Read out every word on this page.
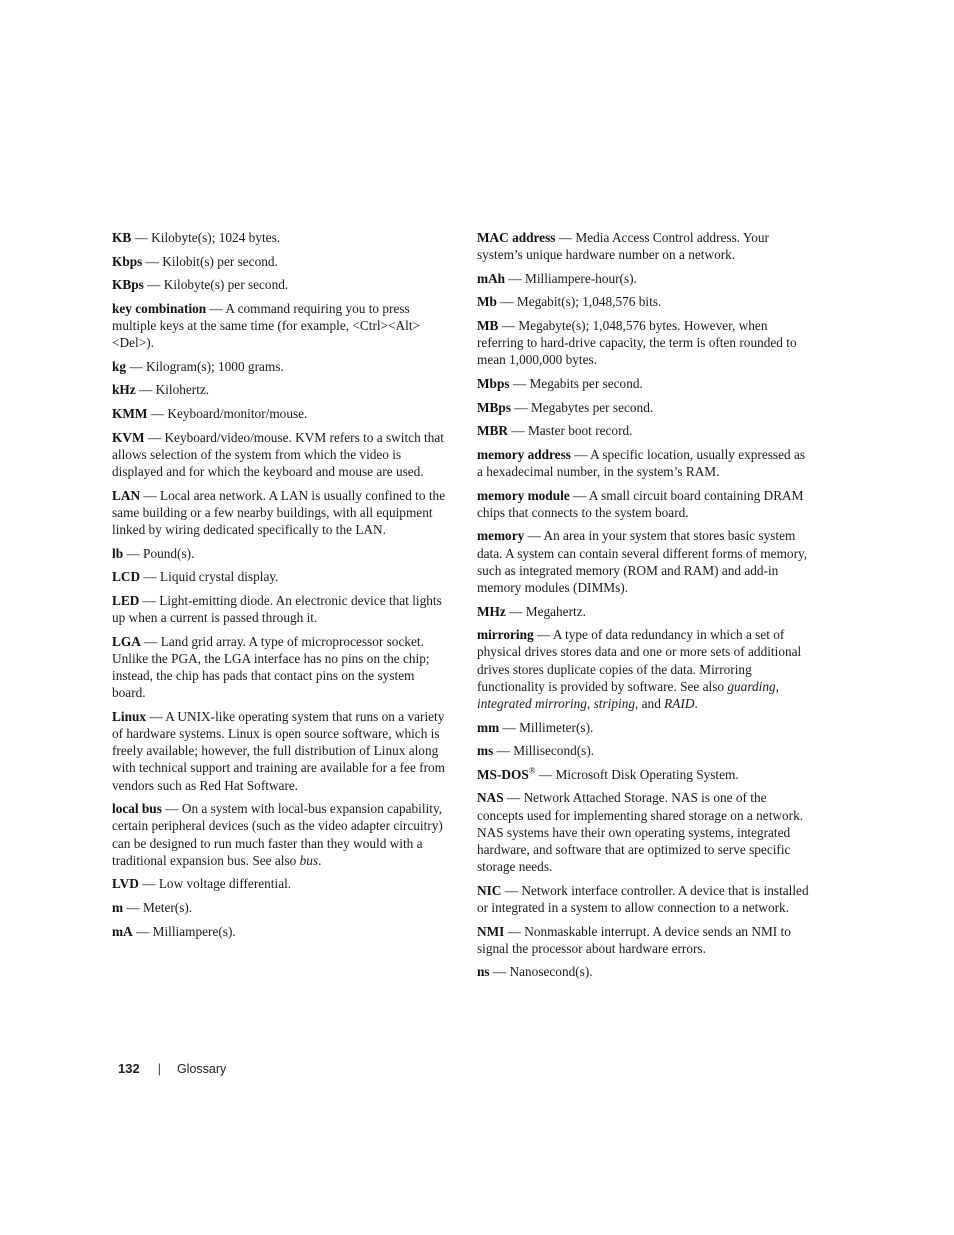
KB — Kilobyte(s); 1024 bytes.
Kbps — Kilobit(s) per second.
KBps — Kilobyte(s) per second.
key combination — A command requiring you to press multiple keys at the same time (for example, <Ctrl><Alt><Del>).
kg — Kilogram(s); 1000 grams.
kHz — Kilohertz.
KMM — Keyboard/monitor/mouse.
KVM — Keyboard/video/mouse. KVM refers to a switch that allows selection of the system from which the video is displayed and for which the keyboard and mouse are used.
LAN — Local area network. A LAN is usually confined to the same building or a few nearby buildings, with all equipment linked by wiring dedicated specifically to the LAN.
lb — Pound(s).
LCD — Liquid crystal display.
LED — Light-emitting diode. An electronic device that lights up when a current is passed through it.
LGA — Land grid array. A type of microprocessor socket. Unlike the PGA, the LGA interface has no pins on the chip; instead, the chip has pads that contact pins on the system board.
Linux — A UNIX-like operating system that runs on a variety of hardware systems. Linux is open source software, which is freely available; however, the full distribution of Linux along with technical support and training are available for a fee from vendors such as Red Hat Software.
local bus — On a system with local-bus expansion capability, certain peripheral devices (such as the video adapter circuitry) can be designed to run much faster than they would with a traditional expansion bus. See also bus.
LVD — Low voltage differential.
m — Meter(s).
mA — Milliampere(s).
MAC address — Media Access Control address. Your system’s unique hardware number on a network.
mAh — Milliampere-hour(s).
Mb — Megabit(s); 1,048,576 bits.
MB — Megabyte(s); 1,048,576 bytes. However, when referring to hard-drive capacity, the term is often rounded to mean 1,000,000 bytes.
Mbps — Megabits per second.
MBps — Megabytes per second.
MBR — Master boot record.
memory address — A specific location, usually expressed as a hexadecimal number, in the system’s RAM.
memory module — A small circuit board containing DRAM chips that connects to the system board.
memory — An area in your system that stores basic system data. A system can contain several different forms of memory, such as integrated memory (ROM and RAM) and add-in memory modules (DIMMs).
MHz — Megahertz.
mirroring — A type of data redundancy in which a set of physical drives stores data and one or more sets of additional drives stores duplicate copies of the data. Mirroring functionality is provided by software. See also guarding, integrated mirroring, striping, and RAID.
mm — Millimeter(s).
ms — Millisecond(s).
MS-DOS® — Microsoft Disk Operating System.
NAS — Network Attached Storage. NAS is one of the concepts used for implementing shared storage on a network. NAS systems have their own operating systems, integrated hardware, and software that are optimized to serve specific storage needs.
NIC — Network interface controller. A device that is installed or integrated in a system to allow connection to a network.
NMI — Nonmaskable interrupt. A device sends an NMI to signal the processor about hardware errors.
ns — Nanosecond(s).
132 | Glossary
